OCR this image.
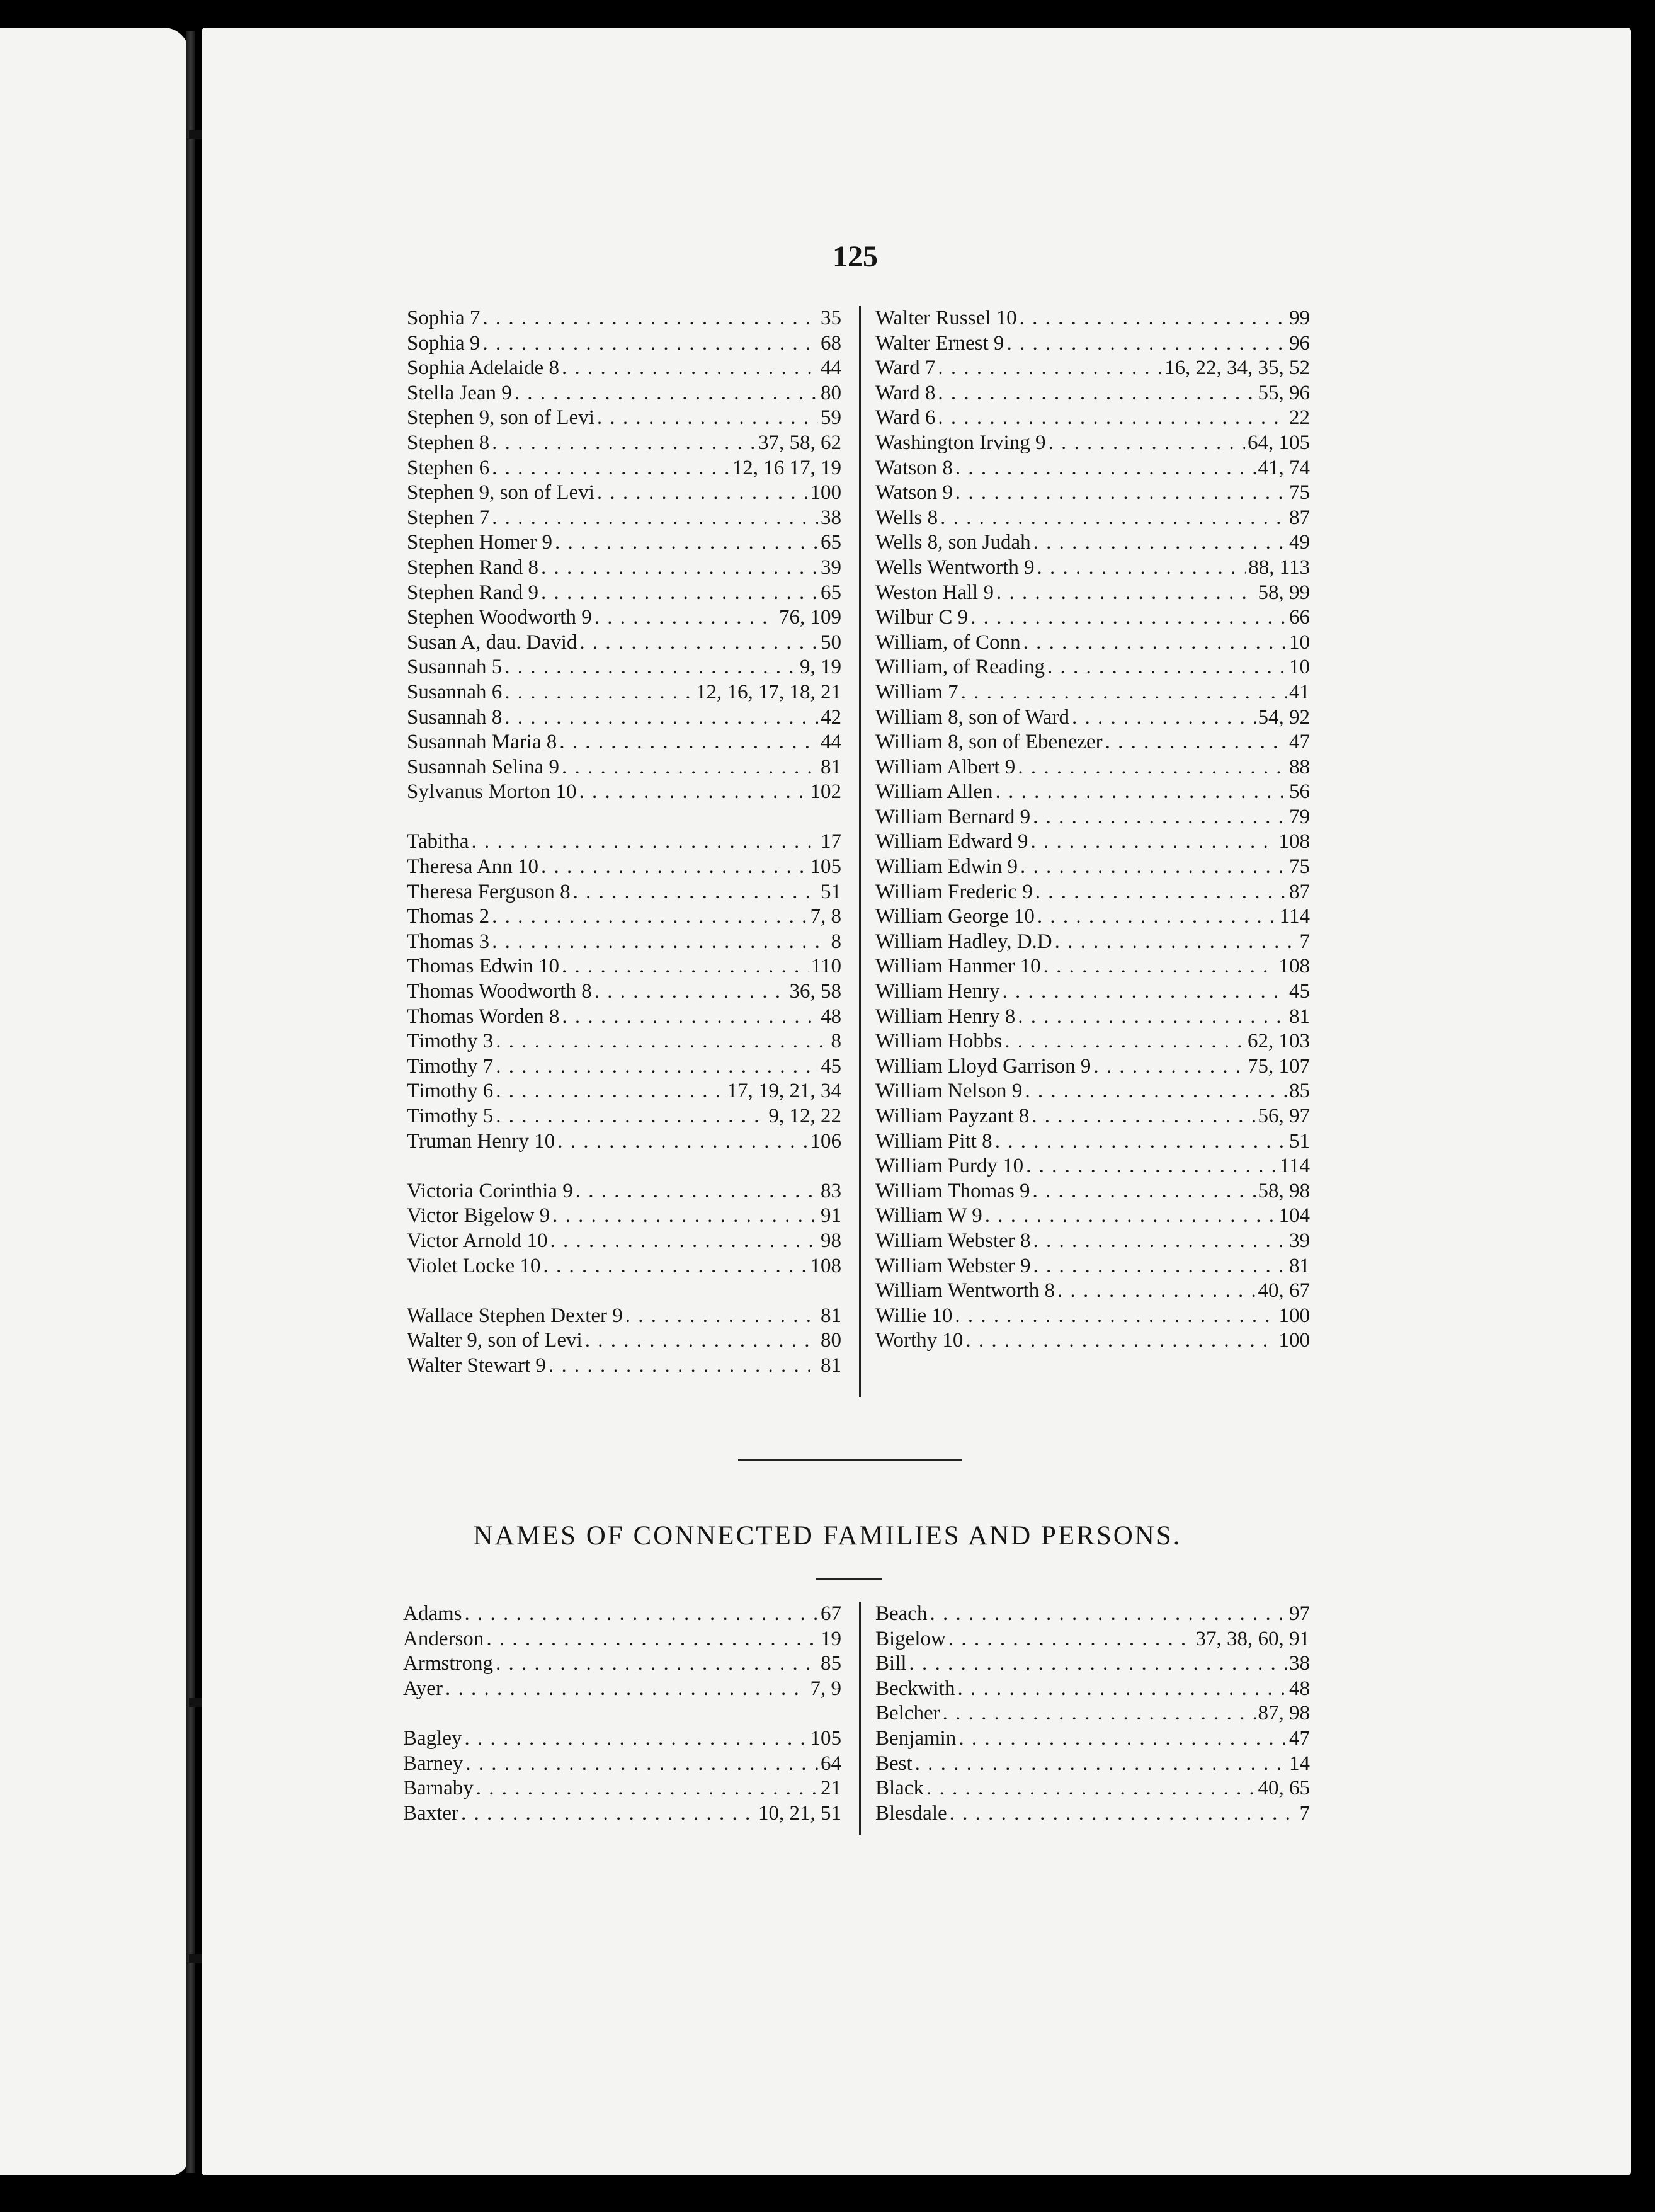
125
Sophia 7 . . .	35
Sophia 9 . . .	68
Sophia Adelaide 8 . . .	44
Stella Jean 9 . . .	80
Stephen 9, son of Levi . . .	59
Stephen 8 . . .	37, 58, 62
Stephen 6 . . .	12, 16 17, 19
Stephen 9, son of Levi . . .	100
Stephen 7 . . .	38
Stephen Homer 9 . . .	65
Stephen Rand 8 . . .	39
Stephen Rand 9 . . .	65
Stephen Woodworth 9 . . .	76, 109
Susan A, dau. David . . .	50
Susannah 5 . . .	9, 19
Susannah 6 . . .	12, 16, 17, 18, 21
Susannah 8 . . .	42
Susannah Maria 8 . . .	44
Susannah Selina 9 . . .	81
Sylvanus Morton 10 . . .	102
Tabitha . . .	17
Theresa Ann 10 . . .	105
Theresa Ferguson 8 . . .	51
Thomas 2 . . .	7, 8
Thomas 3 . . .	8
Thomas Edwin 10 . . .	110
Thomas Woodworth 8 . . .	36, 58
Thomas Worden 8 . . .	48
Timothy 3 . . .	8
Timothy 7 . . .	45
Timothy 6 . . .	17, 19, 21, 34
Timothy 5 . . .	9, 12, 22
Truman Henry 10 . . .	106
Victoria Corinthia 9 . . .	83
Victor Bigelow 9 . . .	91
Victor Arnold 10 . . .	98
Violet Locke 10 . . .	108
Wallace Stephen Dexter 9 . . .	81
Walter 9, son of Levi . . .	80
Walter Stewart 9 . . .	81
Walter Russel 10 . . .	99
Walter Ernest 9 . . .	96
Ward 7 . . .	16, 22, 34, 35, 52
Ward 8 . . .	55, 96
Ward 6 . . .	22
Washington Irving 9 . . .	64, 105
Watson 8 . . .	41, 74
Watson 9 . . .	75
Wells 8 . . .	87
Wells 8, son Judah . . .	49
Wells Wentworth 9 . . .	88, 113
Weston Hall 9 . . .	58, 99
Wilbur C 9 . . .	66
William, of Conn . . .	10
William, of Reading . . .	10
William 7 . . .	41
William 8, son of Ward . . .	54, 92
William 8, son of Ebenezer . . .	47
William Albert 9 . . .	88
William Allen . . .	56
William Bernard 9 . . .	79
William Edward 9 . . .	108
William Edwin 9 . . .	75
William Frederic 9 . . .	87
William George 10 . . .	114
William Hadley, D.D . . .	7
William Hanmer 10 . . .	108
William Henry . . .	45
William Henry 8 . . .	81
William Hobbs . . .	62, 103
William Lloyd Garrison 9 . . .	75, 107
William Nelson 9 . . .	85
William Payzant 8 . . .	56, 97
William Pitt 8 . . .	51
William Purdy 10 . . .	114
William Thomas 9 . . .	58, 98
William W 9 . . .	104
William Webster 8 . . .	39
William Webster 9 . . .	81
William Wentworth 8 . . .	40, 67
Willie 10 . . .	100
Worthy 10 . . .	100
NAMES OF CONNECTED FAMILIES AND PERSONS.
Adams . . .	67
Anderson . . .	19
Armstrong . . .	85
Ayer . . .	7, 9
Bagley . . .	105
Barney . . .	64
Barnaby . . .	21
Baxter . . .	10, 21, 51
Beach . . .	97
Bigelow . . .	37, 38, 60, 91
Bill . . .	38
Beckwith . . .	48
Belcher . . .	87, 98
Benjamin . . .	47
Best . . .	14
Black . . .	40, 65
Blesdale . . .	7
